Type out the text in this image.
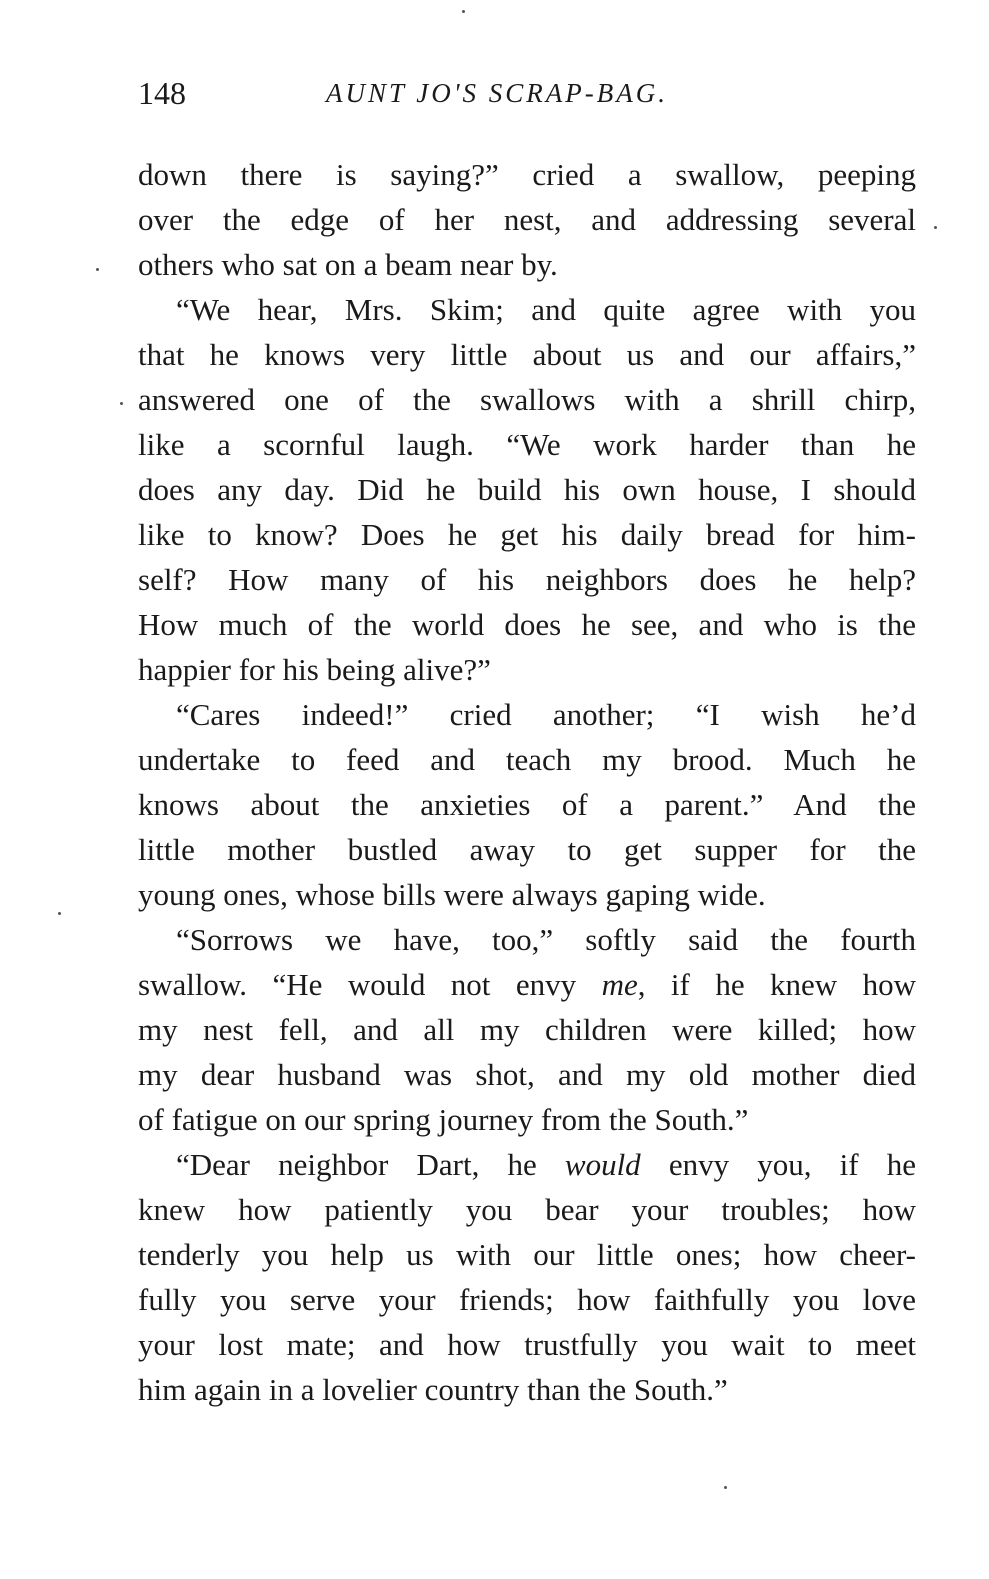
148	AUNT JO'S SCRAP-BAG.
down there is saying?” cried a swallow, peeping
over the edge of her nest, and addressing several
others who sat on a beam near by.
“We hear, Mrs. Skim; and quite agree with you
that he knows very little about us and our affairs,”
answered one of the swallows with a shrill chirp,
like a scornful laugh. “We work harder than he
does any day. Did he build his own house, I should
like to know? Does he get his daily bread for him-
self? How many of his neighbors does he help?
How much of the world does he see, and who is the
happier for his being alive?”
“Cares indeed!” cried another; “I wish he’d
undertake to feed and teach my brood. Much he
knows about the anxieties of a parent.” And the
little mother bustled away to get supper for the
young ones, whose bills were always gaping wide.
“Sorrows we have, too,” softly said the fourth
swallow. “He would not envy me, if he knew how
my nest fell, and all my children were killed; how
my dear husband was shot, and my old mother died
of fatigue on our spring journey from the South.”
“Dear neighbor Dart, he would envy you, if he
knew how patiently you bear your troubles; how
tenderly you help us with our little ones; how cheer-
fully you serve your friends; how faithfully you love
your lost mate; and how trustfully you wait to meet
him again in a lovelier country than the South.”
